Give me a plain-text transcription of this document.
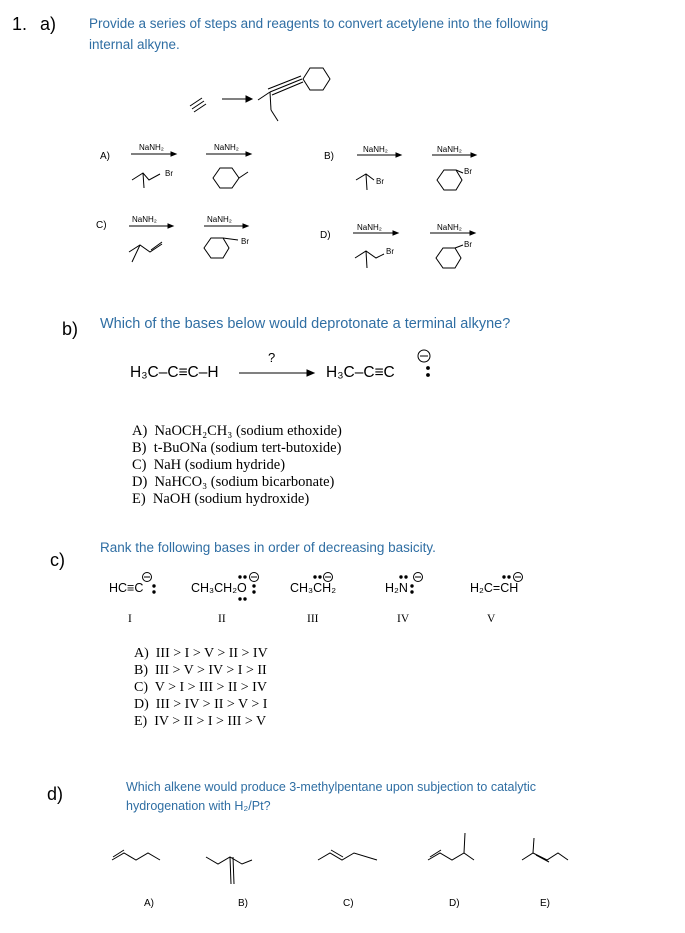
1. a) Provide a series of steps and reagents to convert acetylene into the following
internal alkyne.
A)
NaNH₂	NaNH₂
Br
B)
NaNH₂	NaNH₂
Br
Br
C)
NaNH₂	NaNH₂
Br
D)
NaNH₂	NaNH₂
Br
Br
b) Which of the bases below would deprotonate a terminal alkyne?
H₃C–C≡C–H
?
H₃C–C≡C
A)  NaOCH₂CH₃ (sodium ethoxide)
B)  t-BuONa (sodium tert-butoxide)
C)  NaH (sodium hydride)
D)  NaHCO₃ (sodium bicarbonate)
E)  NaOH (sodium hydroxide)
Rank the following bases in order of decreasing basicity.
c)
HC≡C	CH₃CH₂O	CH₃CH₂	H₂N	H₂C=CH
I	II	III	IV	V
A)  III > I > V > II > IV
B)  III > V > IV > I > II
C)  V > I > III > II > IV
D)  III > IV > II > V > I
E)  IV > II > I > III > V
d)	Which alkene would produce 3-methylpentane upon subjection to catalytic
hydrogenation with H₂/Pt?
A)	B)	C)	D)	E)
